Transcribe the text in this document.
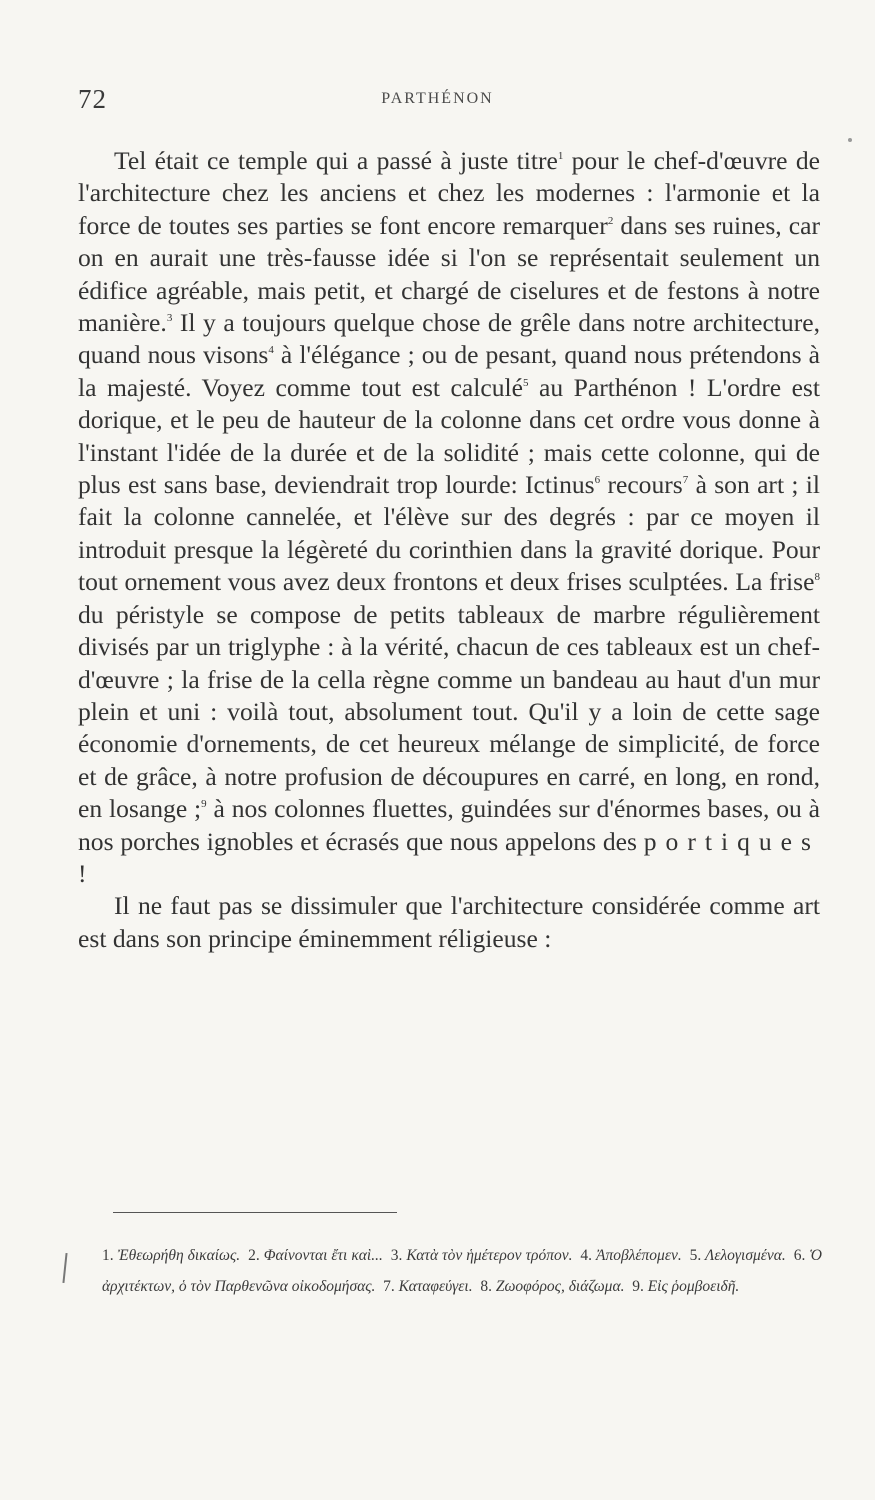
72	PARTHÉNON

Tel était ce temple qui a passé à juste titre$^1$ pour le chef-d'œuvre de l'architecture chez les anciens et chez les modernes : l'armonie et la force de toutes ses parties se font encore remarquer$^2$ dans ses ruines, car on en aurait une très-fausse idée si l'on se représentait seulement un édifice agréable, mais petit, et chargé de ciselures et de festons à notre manière.$^3$ Il y a toujours quelque chose de grêle dans notre architecture, quand nous visons$^4$ à l'élégance ; ou de pesant, quand nous prétendons à la majesté. Voyez comme tout est calculé$^5$ au Parthénon ! L'ordre est dorique, et le peu de hauteur de la colonne dans cet ordre vous donne à l'instant l'idée de la durée et de la solidité ; mais cette colonne, qui de plus est sans base, deviendrait trop lourde: Ictinus$^6$ recours$^7$ à son art ; il fait la colonne cannelée, et l'élève sur des degrés : par ce moyen il introduit presque la légèreté du corinthien dans la gravité dorique. Pour tout ornement vous avez deux frontons et deux frises sculptées. La frise$^8$ du péristyle se compose de petits tableaux de marbre régulièrement divisés par un triglyphe : à la vérité, chacun de ces tableaux est un chef-d'œuvre ; la frise de la cella règne comme un bandeau au haut d'un mur plein et uni : voilà tout, absolument tout. Qu'il y a loin de cette sage économie d'ornements, de cet heureux mélange de simplicité, de force et de grâce, à notre profusion de découpures en carré, en long, en rond, en losange ;$^9$ à nos colonnes fluettes, guindées sur d'énormes bases, ou à nos porches ignobles et écrasés que nous appelons des portiques !

Il ne faut pas se dissimuler que l'architecture considérée comme art est dans son principe éminemment réligieuse :

1. Ἐθεωρήθη δικαίως. 2. Φαίνονται ἔτι καὶ... 3. Κατὰ τὸν ἡμέτερον τρόπον. 4. Ἀποβλέπομεν. 5. Λελογισμένα. 6. Ὁ ἀρχιτέκτων, ὁ τὸν Παρθενῶνα οἰκοδομήσας. 7. Καταφεύγει. 8. Ζωοφόρος, διάζωμα. 9. Εἰς ῥομβοειδῆ.
